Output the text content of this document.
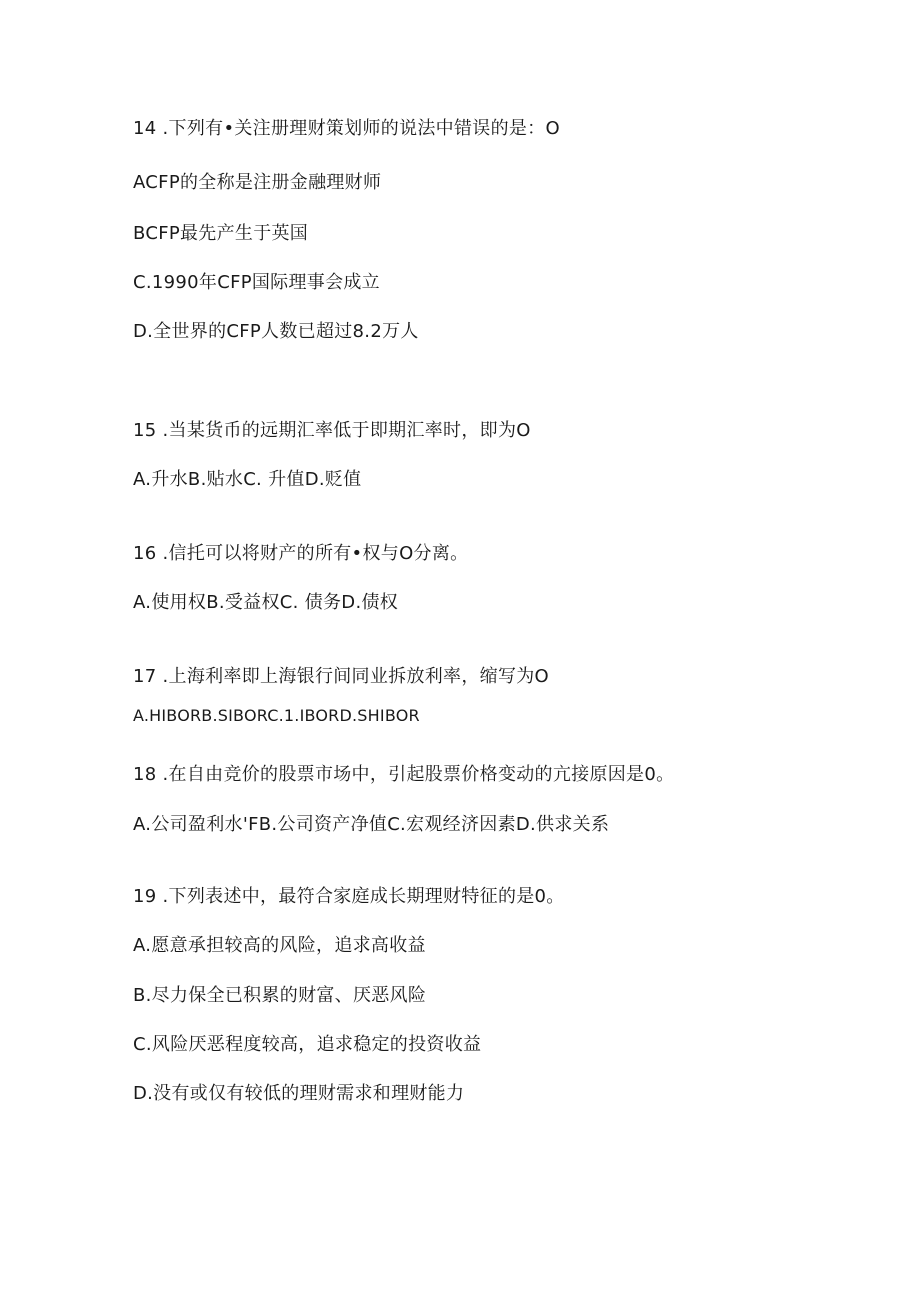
14 .下列有•关注册理财策划师的说法中错误的是：O
ACFP的全称是注册金融理财师
BCFP最先产生于英国
C.1990年CFP国际理事会成立
D.全世界的CFP人数已超过8.2万人
15 .当某货币的远期汇率低于即期汇率时，即为O
A.升水B.贴水C. 升值D.贬值
16 .信托可以将财产的所有•权与O分离。
A.使用权B.受益权C. 债务D.债权
17 .上海利率即上海银行间同业拆放利率，缩写为O
A.HIBORB.SIBORC.1.IBORD.SHIBOR
18 .在自由竞价的股票市场中，引起股票价格变动的亢接原因是0。
A.公司盈利水'FB.公司资产净值C.宏观经济因素D.供求关系
19 .下列表述中，最符合家庭成长期理财特征的是0。
A.愿意承担较高的风险，追求高收益
B.尽力保全已积累的财富、厌恶风险
C.风险厌恶程度较高，追求稳定的投资收益
D.没有或仅有较低的理财需求和理财能力
